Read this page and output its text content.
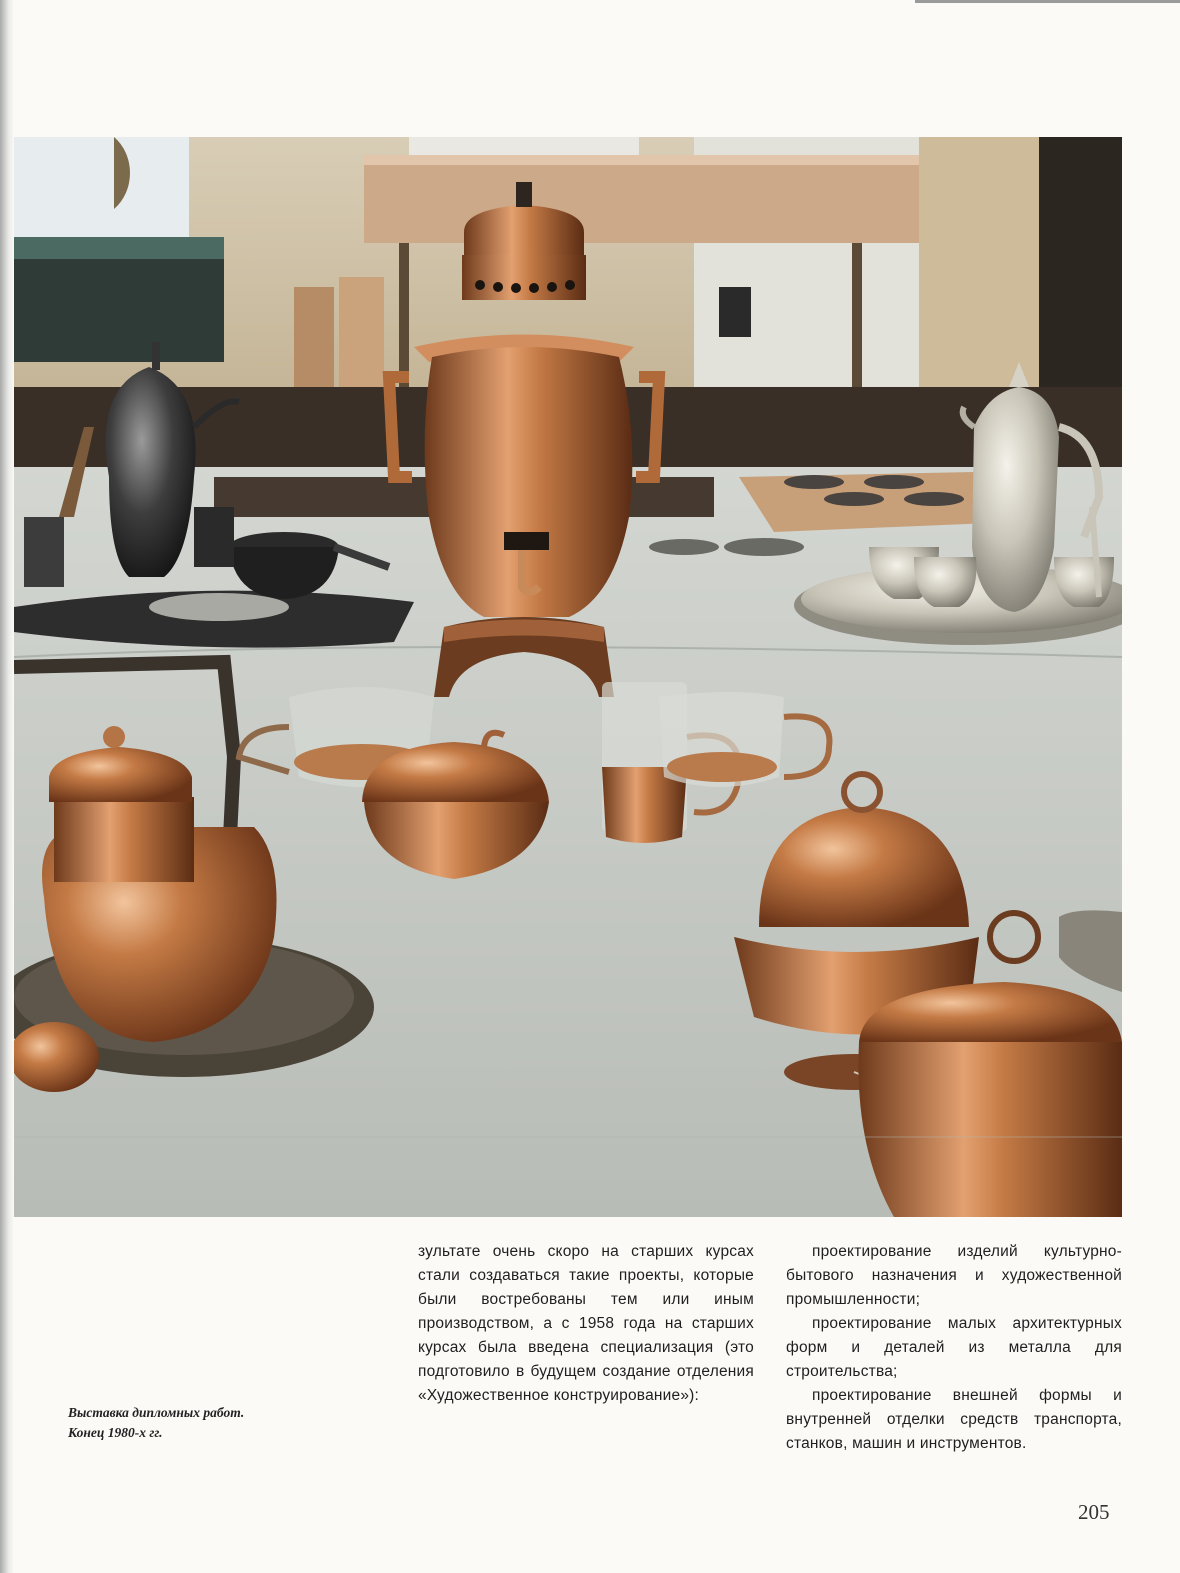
Выставка дипломных работ.
Конец 1980-х гг.

зультате очень скоро на старших курсах стали создаваться такие проекты, которые были востребованы тем или иным производством, а с 1958 года на старших курсах была введена специализация (это подготовило в будущем создание отделения «Художественное конструирование»):

проектирование изделий культурно-бытового назначения и художественной промышленности;

проектирование малых архитектурных форм и деталей из металла для строительства;

проектирование внешней формы и внутренней отделки средств транспорта, станков, машин и инструментов.

205
